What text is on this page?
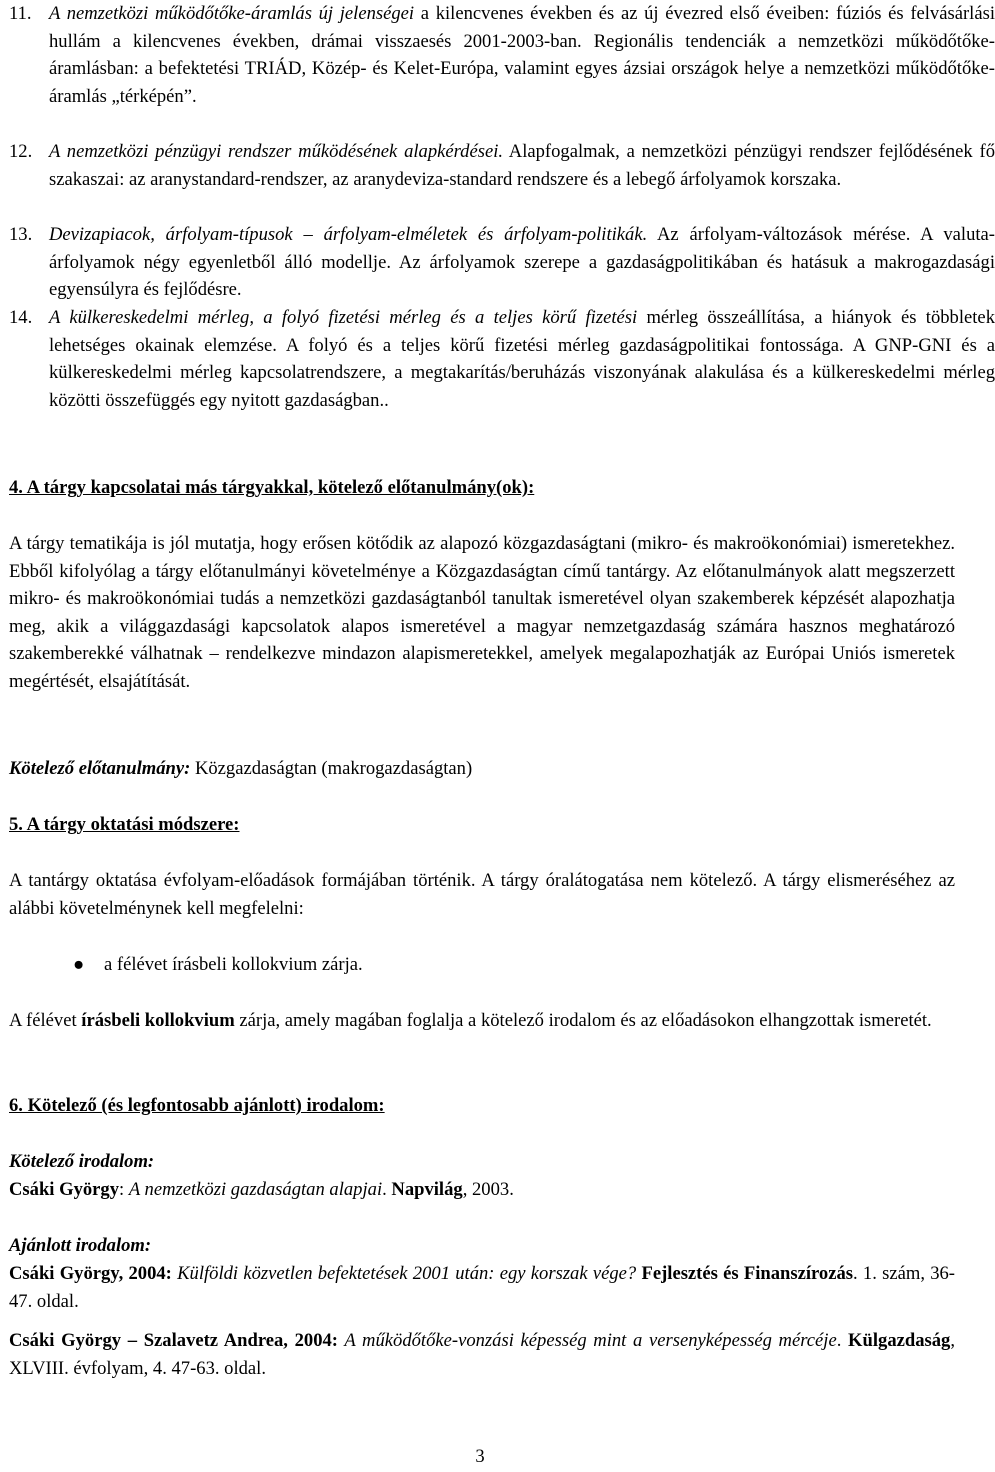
11. A nemzetközi működőtőke-áramlás új jelenségei a kilencvenes években és az új évezred első éveiben: fúziós és felvásárlási hullám a kilencvenes években, drámai visszaesés 2001-2003-ban. Regionális tendenciák a nemzetközi működőtőke-áramlásban: a befektetési TRIÁD, Közép- és Kelet-Európa, valamint egyes ázsiai országok helye a nemzetközi működőtőke-áramlás „térképén”.
12. A nemzetközi pénzügyi rendszer működésének alapkérdései. Alapfogalmak, a nemzetközi pénzügyi rendszer fejlődésének fő szakaszai: az aranystandard-rendszer, az aranydeviza-standard rendszere és a lebegő árfolyamok korszaka.
13. Devizapiacok, árfolyam-típusok – árfolyam-elméletek és árfolyam-politikák. Az árfolyam-változások mérése. A valuta-árfolyamok négy egyenletből álló modellje. Az árfolyamok szerepe a gazdaságpolitikában és hatásuk a makrogazdasági egyensúlyra és fejlődésre.
14. A külkereskedelmi mérleg, a folyó fizetési mérleg és a teljes körű fizetési mérleg összeállítása, a hiányok és többletek lehetséges okainak elemzése. A folyó és a teljes körű fizetési mérleg gazdaságpolitikai fontossága. A GNP-GNI és a külkereskedelmi mérleg kapcsolatrendszere, a megtakarítás/beruházás viszonyának alakulása és a külkereskedelmi mérleg közötti összefüggés egy nyitott gazdaságban..

4. A tárgy kapcsolatai más tárgyakkal, kötelező előtanulmány(ok):

A tárgy tematikája is jól mutatja, hogy erősen kötődik az alapozó közgazdaságtani (mikro- és makroökonómiai) ismeretekhez. Ebből kifolyólag a tárgy előtanulmányi követelménye a Közgazdaságtan című tantárgy. Az előtanulmányok alatt megszerzett mikro- és makroökonómiai tudás a nemzetközi gazdaságtanból tanultak ismeretével olyan szakemberek képzését alapozhatja meg, akik a világgazdasági kapcsolatok alapos ismeretével a magyar nemzetgazdaság számára hasznos meghatározó szakemberekké válhatnak – rendelkezve mindazon alapismeretekkel, amelyek megalapozhatják az Európai Uniós ismeretek megértését, elsajátítását.

Kötelező előtanulmány: Közgazdaságtan (makrogazdaságtan)

5. A tárgy oktatási módszere:

A tantárgy oktatása évfolyam-előadások formájában történik. A tárgy óralátogatása nem kötelező. A tárgy elismeréséhez az alábbi követelménynek kell megfelelni:

● a félévet írásbeli kollokvium zárja.

A félévet írásbeli kollokvium zárja, amely magában foglalja a kötelező irodalom és az előadásokon elhangzottak ismeretét.

6. Kötelező (és legfontosabb ajánlott) irodalom:

Kötelező irodalom:

Csáki György: A nemzetközi gazdaságtan alapjai. Napvilág, 2003.

Ajánlott irodalom:

Csáki György, 2004: Külföldi közvetlen befektetések 2001 után: egy korszak vége? Fejlesztés és Finanszírozás. 1. szám, 36-47. oldal.

Csáki György – Szalavetz Andrea, 2004: A működőtőke-vonzási képesség mint a versenyképesség mércéje. Külgazdaság, XLVIII. évfolyam, 4. 47-63. oldal.

3
